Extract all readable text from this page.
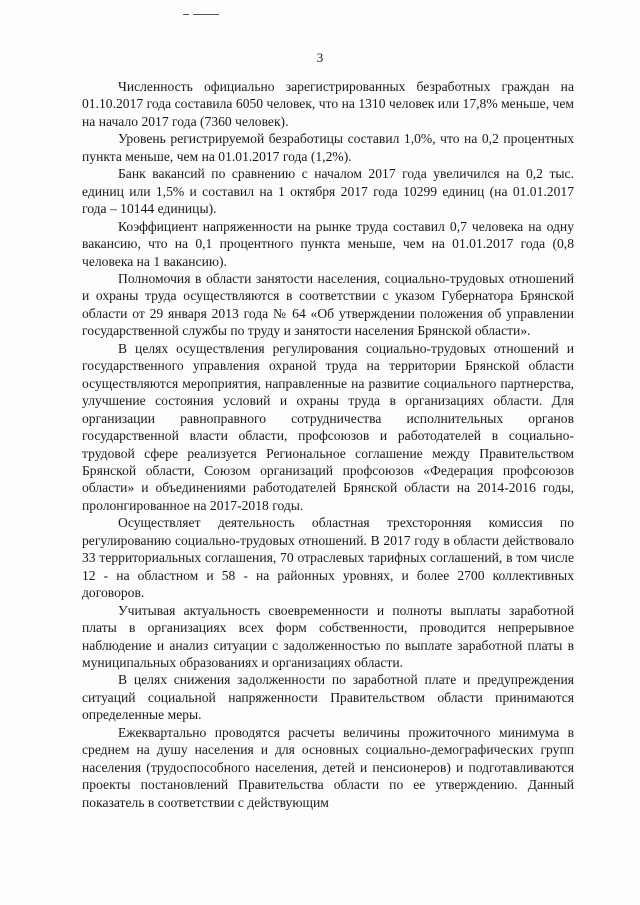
3

Численность официально зарегистрированных безработных граждан на 01.10.2017 года составила 6050 человек, что на 1310 человек или 17,8% меньше, чем на начало 2017 года (7360 человек).

Уровень регистрируемой безработицы составил 1,0%, что на 0,2 процентных пункта меньше, чем на 01.01.2017 года (1,2%).

Банк вакансий по сравнению с началом 2017 года увеличился на 0,2 тыс. единиц или 1,5% и составил на 1 октября 2017 года 10299 единиц (на 01.01.2017 года – 10144 единицы).

Коэффициент напряженности на рынке труда составил 0,7 человека на одну вакансию, что на 0,1 процентного пункта меньше, чем на 01.01.2017 года (0,8 человека на 1 вакансию).

Полномочия в области занятости населения, социально-трудовых отношений и охраны труда осуществляются в соответствии с указом Губернатора Брянской области от 29 января 2013 года № 64 «Об утверждении положения об управлении государственной службы по труду и занятости населения Брянской области».

В целях осуществления регулирования социально-трудовых отношений и государственного управления охраной труда на территории Брянской области осуществляются мероприятия, направленные на развитие социального партнерства, улучшение состояния условий и охраны труда в организациях области. Для организации равноправного сотрудничества исполнительных органов государственной власти области, профсоюзов и работодателей в социально-трудовой сфере реализуется Региональное соглашение между Правительством Брянской области, Союзом организаций профсоюзов «Федерация профсоюзов области» и объединениями работодателей Брянской области на 2014-2016 годы, пролонгированное на 2017-2018 годы.

Осуществляет деятельность областная трехсторонняя комиссия по регулированию социально-трудовых отношений. В 2017 году в области действовало 33 территориальных соглашения, 70 отраслевых тарифных соглашений, в том числе 12 - на областном и 58 - на районных уровнях, и более 2700 коллективных договоров.

Учитывая актуальность своевременности и полноты выплаты заработной платы в организациях всех форм собственности, проводится непрерывное наблюдение и анализ ситуации с задолженностью по выплате заработной платы в муниципальных образованиях и организациях области.

В целях снижения задолженности по заработной плате и предупреждения ситуаций социальной напряженности Правительством области принимаются определенные меры.

Ежеквартально проводятся расчеты величины прожиточного минимума в среднем на душу населения и для основных социально-демографических групп населения (трудоспособного населения, детей и пенсионеров) и подготавливаются проекты постановлений Правительства области по ее утверждению. Данный показатель в соответствии с действующим
